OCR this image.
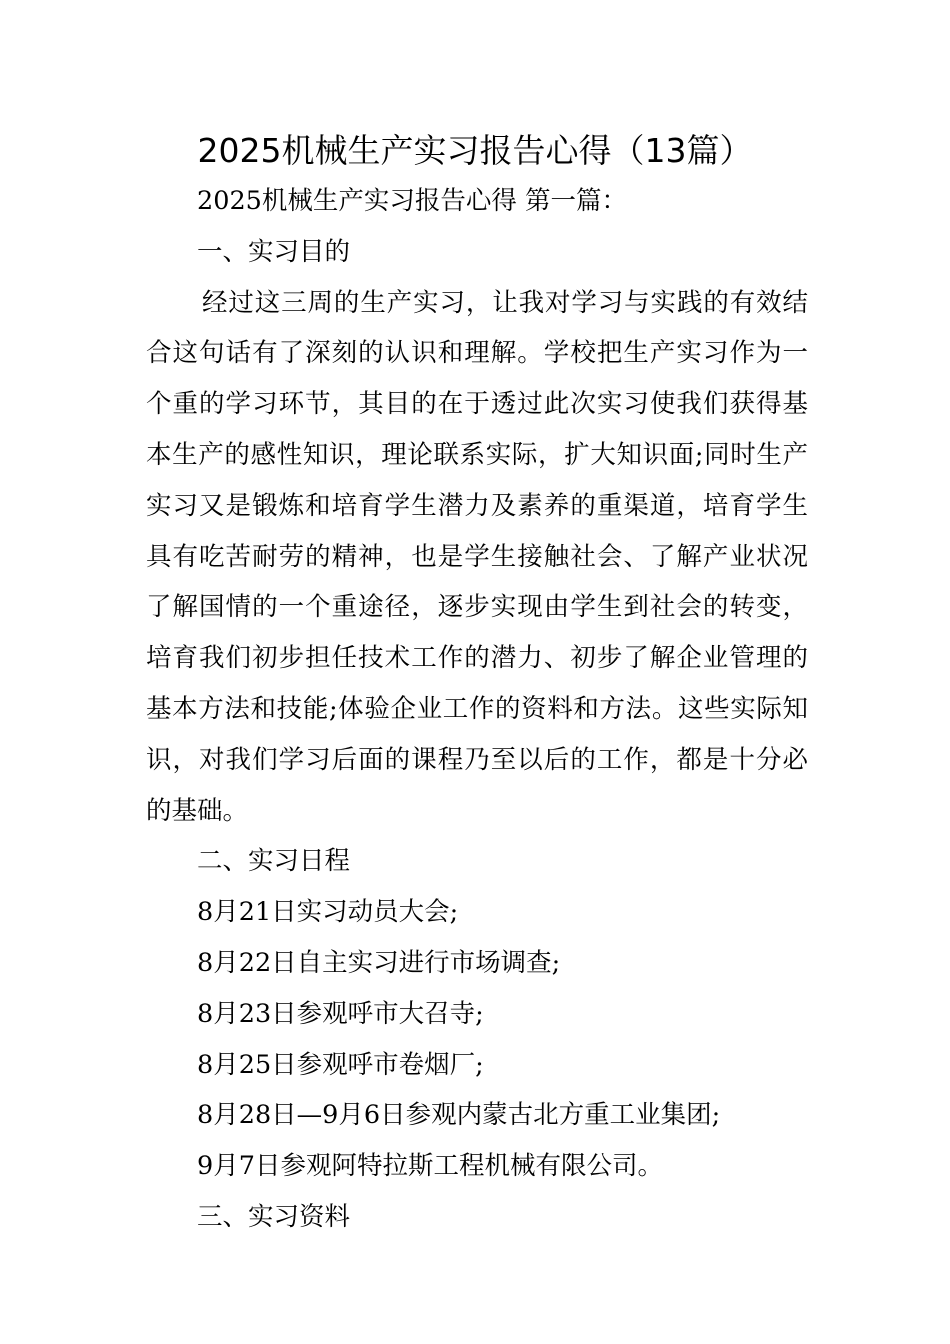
2025机械生产实习报告心得（13篇）

2025机械生产实习报告心得 第一篇：

一、实习目的

经过这三周的生产实习，让我对学习与实践的有效结合这句话有了深刻的认识和理解。学校把生产实习作为一个重的学习环节，其目的在于透过此次实习使我们获得基本生产的感性知识，理论联系实际，扩大知识面;同时生产实习又是锻炼和培育学生潜力及素养的重渠道，培育学生具有吃苦耐劳的精神，也是学生接触社会、了解产业状况了解国情的一个重途径，逐步实现由学生到社会的转变，培育我们初步担任技术工作的潜力、初步了解企业管理的基本方法和技能;体验企业工作的资料和方法。这些实际知识，对我们学习后面的课程乃至以后的工作，都是十分必的基础。

二、实习日程

8月21日实习动员大会;

8月22日自主实习进行市场调查;

8月23日参观呼市大召寺;

8月25日参观呼市卷烟厂;

8月28日—9月6日参观内蒙古北方重工业集团;

9月7日参观阿特拉斯工程机械有限公司。

三、实习资料
